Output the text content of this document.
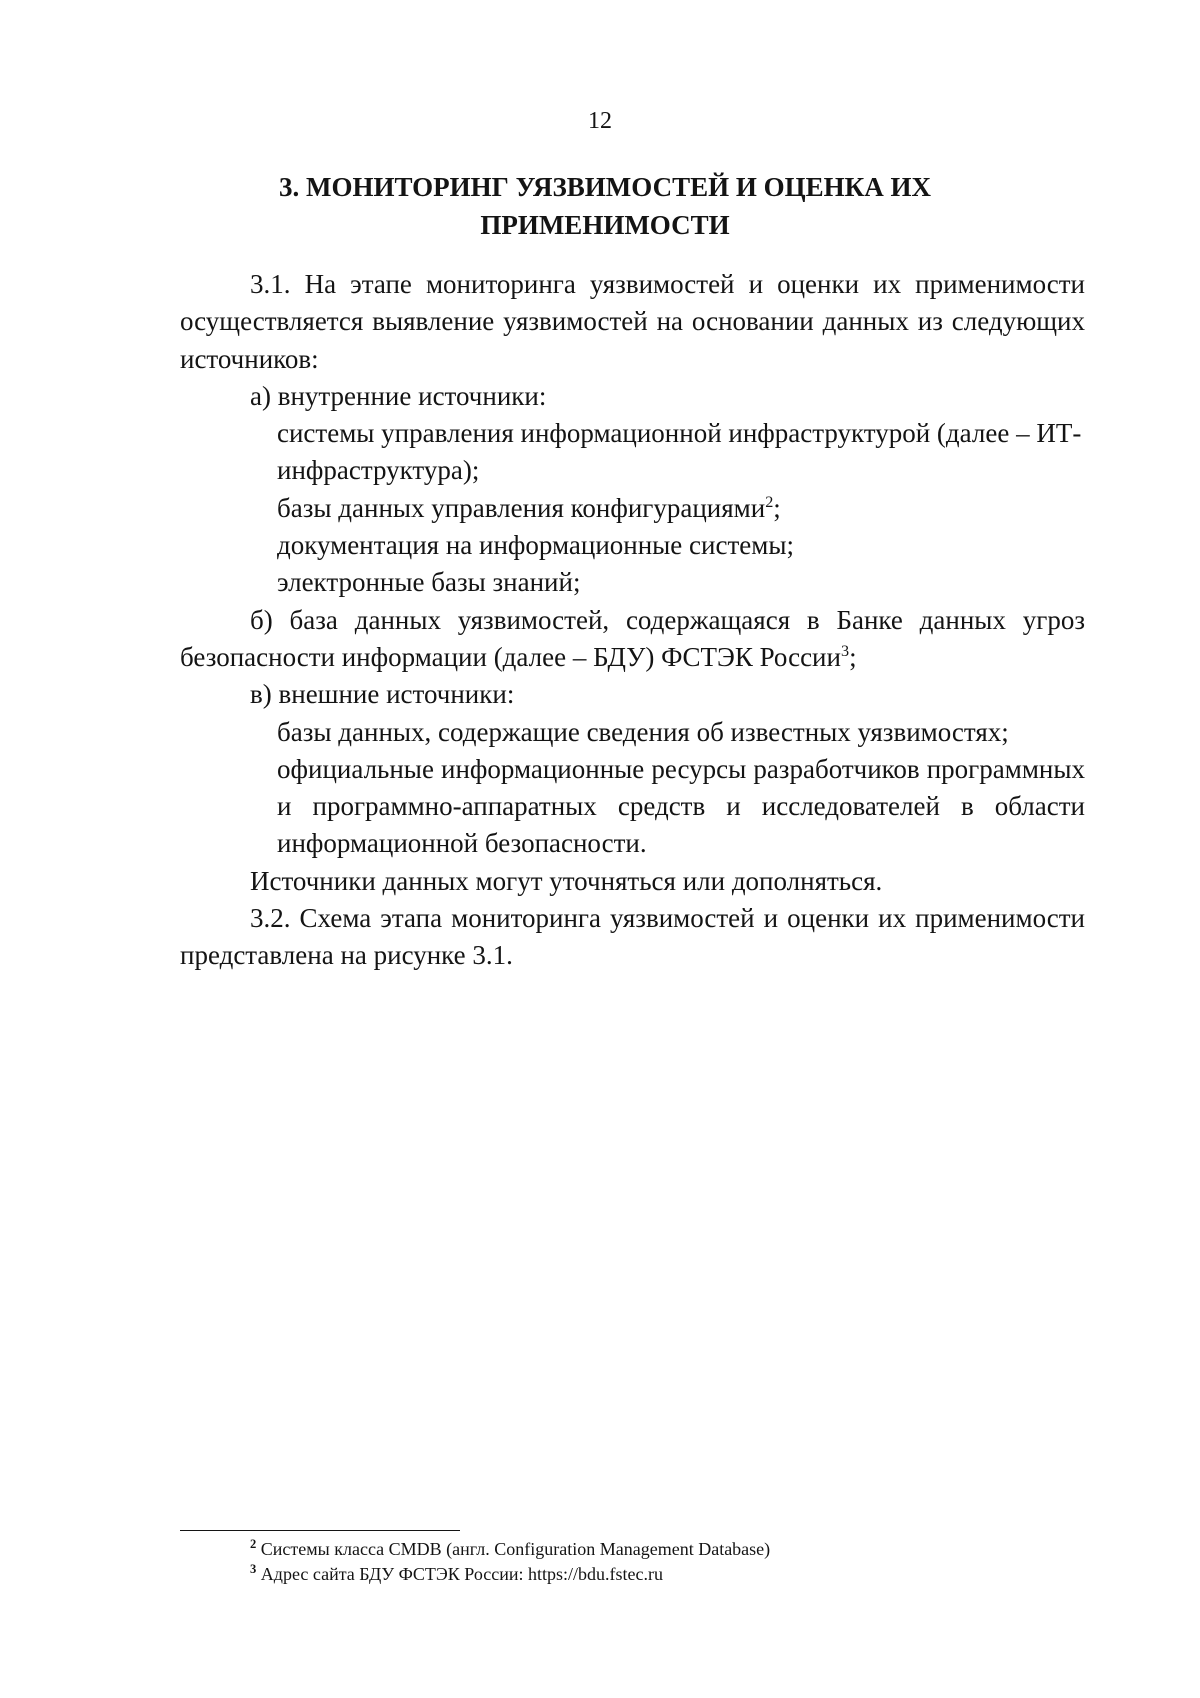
12
3. МОНИТОРИНГ УЯЗВИМОСТЕЙ И ОЦЕНКА ИХ
ПРИМЕНИМОСТИ

3.1. На этапе мониторинга уязвимостей и оценки их применимости осуществляется выявление уязвимостей на основании данных из следующих источников:

а) внутренние источники:

системы управления информационной инфраструктурой (далее – ИТ-инфраструктура);

базы данных управления конфигурациями$^2$;

документация на информационные системы;

электронные базы знаний;

б) база данных уязвимостей, содержащаяся в Банке данных угроз безопасности информации (далее – БДУ) ФСТЭК России$^3$;

в) внешние источники:

базы данных, содержащие сведения об известных уязвимостях;

официальные информационные ресурсы разработчиков программных и программно-аппаратных средств и исследователей в области информационной безопасности.

Источники данных могут уточняться или дополняться.

3.2. Схема этапа мониторинга уязвимостей и оценки их применимости представлена на рисунке 3.1.

$^2$ Системы класса CMDB (англ. Configuration Management Database)

$^3$ Адрес сайта БДУ ФСТЭК России: https://bdu.fstec.ru
